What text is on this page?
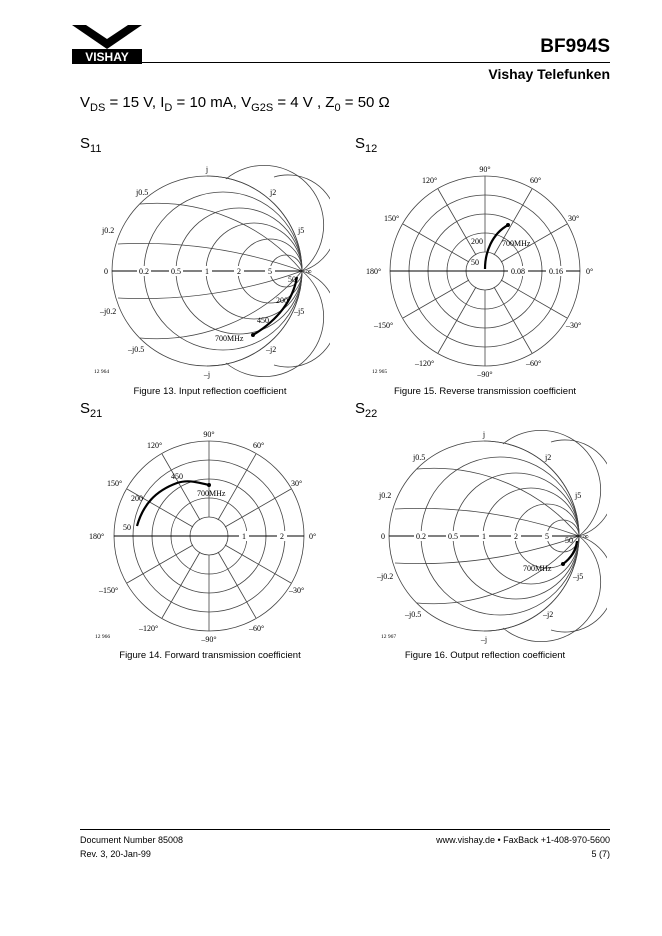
VISHAY	BF994S
Vishay Telefunken
$V_{DS} = 15$ V, $I_D = 10$ mA, $V_{G2S} = 4$ V , $Z_0 = 50$ Ω
$S_{11}$
j
j0.5	j2
j0.2	j5
0	0.2	0.5	1	2	5	∞
–j0.2	–j5
–j0.5	–j2
–j
50
200
450
700MHz
12 964
Figure 13. Input reflection coefficient
$S_{12}$
90°
120°	60°
150°	30°
180°	0°
–150°	–30°
–120°	–60°
–90°
0.08	0.16
50
200 700MHz
12 965
Figure 15. Reverse transmission coefficient
$S_{21}$
90°
120°	60°
150°	30°
180°	0°
–150°	–30°
–120°	–60°
–90°
1	2
50
200
450
700MHz
12 966
Figure 14. Forward transmission coefficient
$S_{22}$
j
j0.5	j2
j0.2	j5
0	0.2	0.5	1	2	5	∞
–j0.2	–j5
–j0.5	–j2
–j
50
700MHz
12 967
Figure 16. Output reflection coefficient
Document Number 85008
Rev. 3, 20-Jan-99
www.vishay.de • FaxBack +1-408-970-5600
5 (7)
